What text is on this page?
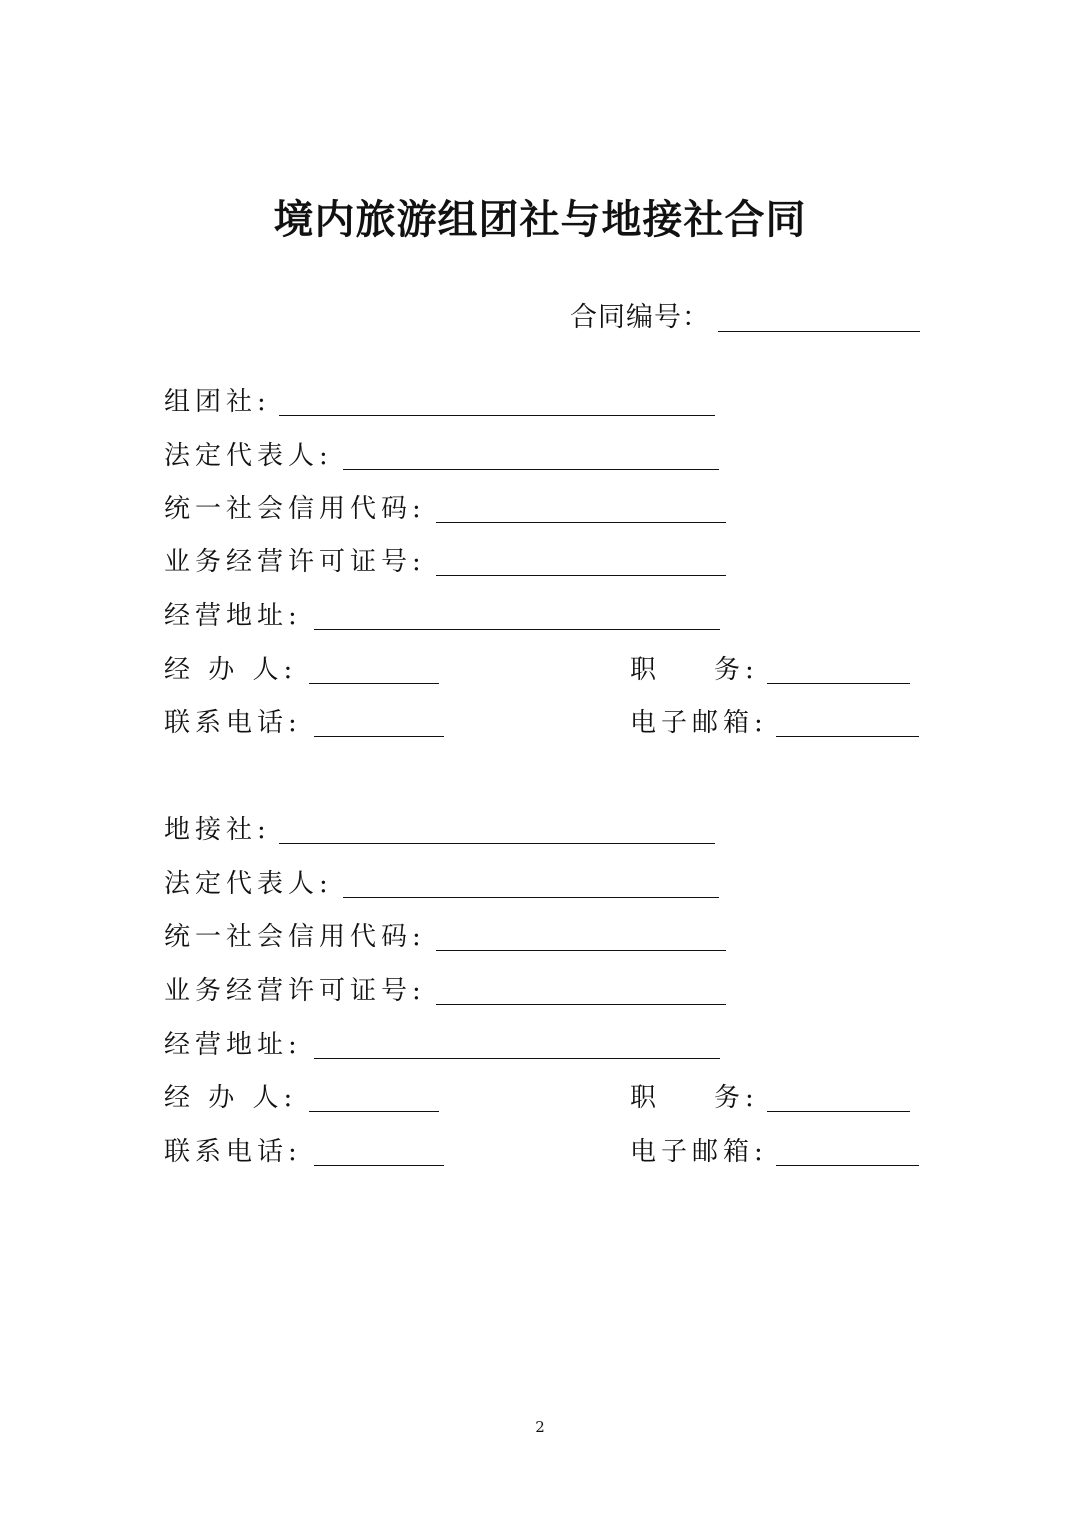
境内旅游组团社与地接社合同
合同编号：
组团社:
法定代表人:
统一社会信用代码:
业务经营许可证号:
经营地址:
经 办 人:	职    务:
联系电话:	电子邮箱:
地接社:
法定代表人:
统一社会信用代码:
业务经营许可证号:
经营地址:
经 办 人:	职    务:
联系电话:	电子邮箱:
2
